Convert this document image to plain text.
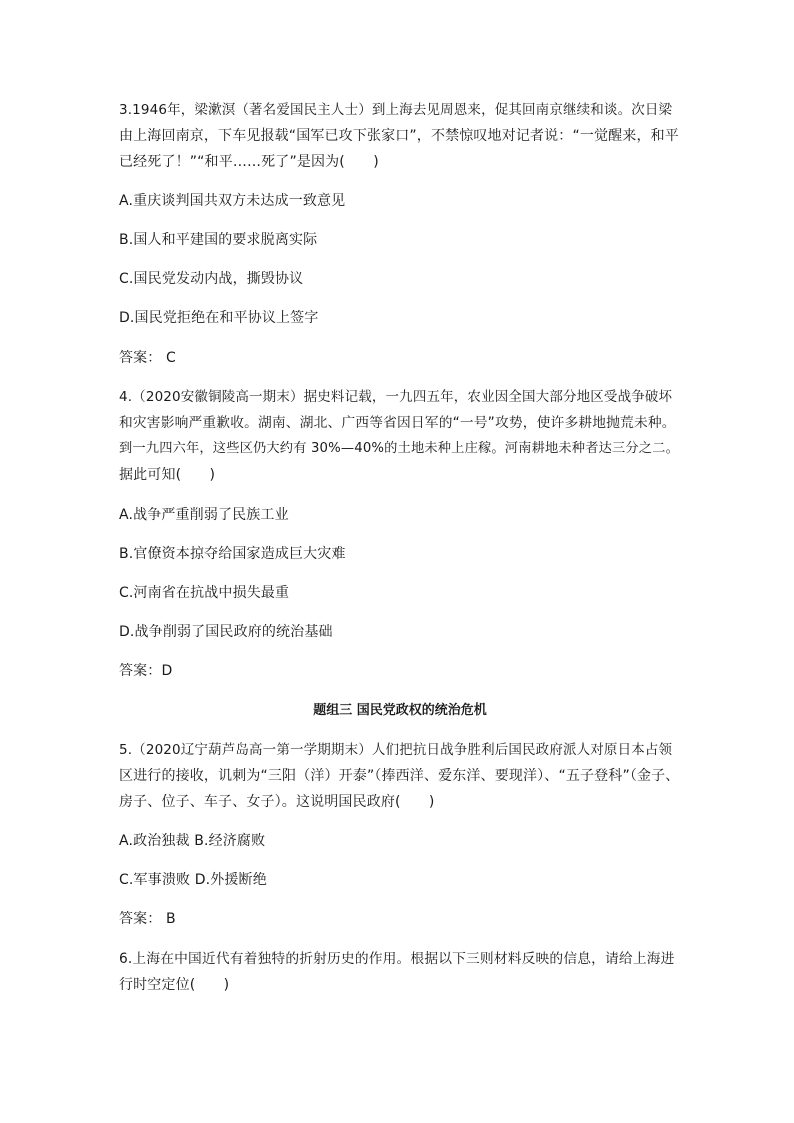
3.1946年，梁漱溟（著名爱国民主人士）到上海去见周恩来，促其回南京继续和谈。次日梁
由上海回南京，下车见报载“国军已攻下张家口”，不禁惊叹地对记者说：“一觉醒来，和平
已经死了！”“和平……死了”是因为(　　)
A.重庆谈判国共双方未达成一致意见
B.国人和平建国的要求脱离实际
C.国民党发动内战，撕毁协议
D.国民党拒绝在和平协议上签字
答案： C
4.（2020安徽铜陵高一期末）据史料记载，一九四五年，农业因全国大部分地区受战争破坏
和灾害影响严重歉收。湖南、湖北、广西等省因日军的“一号”攻势，使许多耕地抛荒未种。
到一九四六年，这些区仍大约有 30%—40%的土地未种上庄稼。河南耕地未种者达三分之二。
据此可知(　　)
A.战争严重削弱了民族工业
B.官僚资本掠夺给国家造成巨大灾难
C.河南省在抗战中损失最重
D.战争削弱了国民政府的统治基础
答案：D
题组三 国民党政权的统治危机
5.（2020辽宁葫芦岛高一第一学期期末）人们把抗日战争胜利后国民政府派人对原日本占领
区进行的接收，讥刺为“三阳（洋）开泰”（捧西洋、爱东洋、要现洋）、“五子登科”（金子、
房子、位子、车子、女子）。这说明国民政府(　　)
A.政治独裁 B.经济腐败
C.军事溃败 D.外援断绝
答案： B
6.上海在中国近代有着独特的折射历史的作用。根据以下三则材料反映的信息，请给上海进
行时空定位(　　)
